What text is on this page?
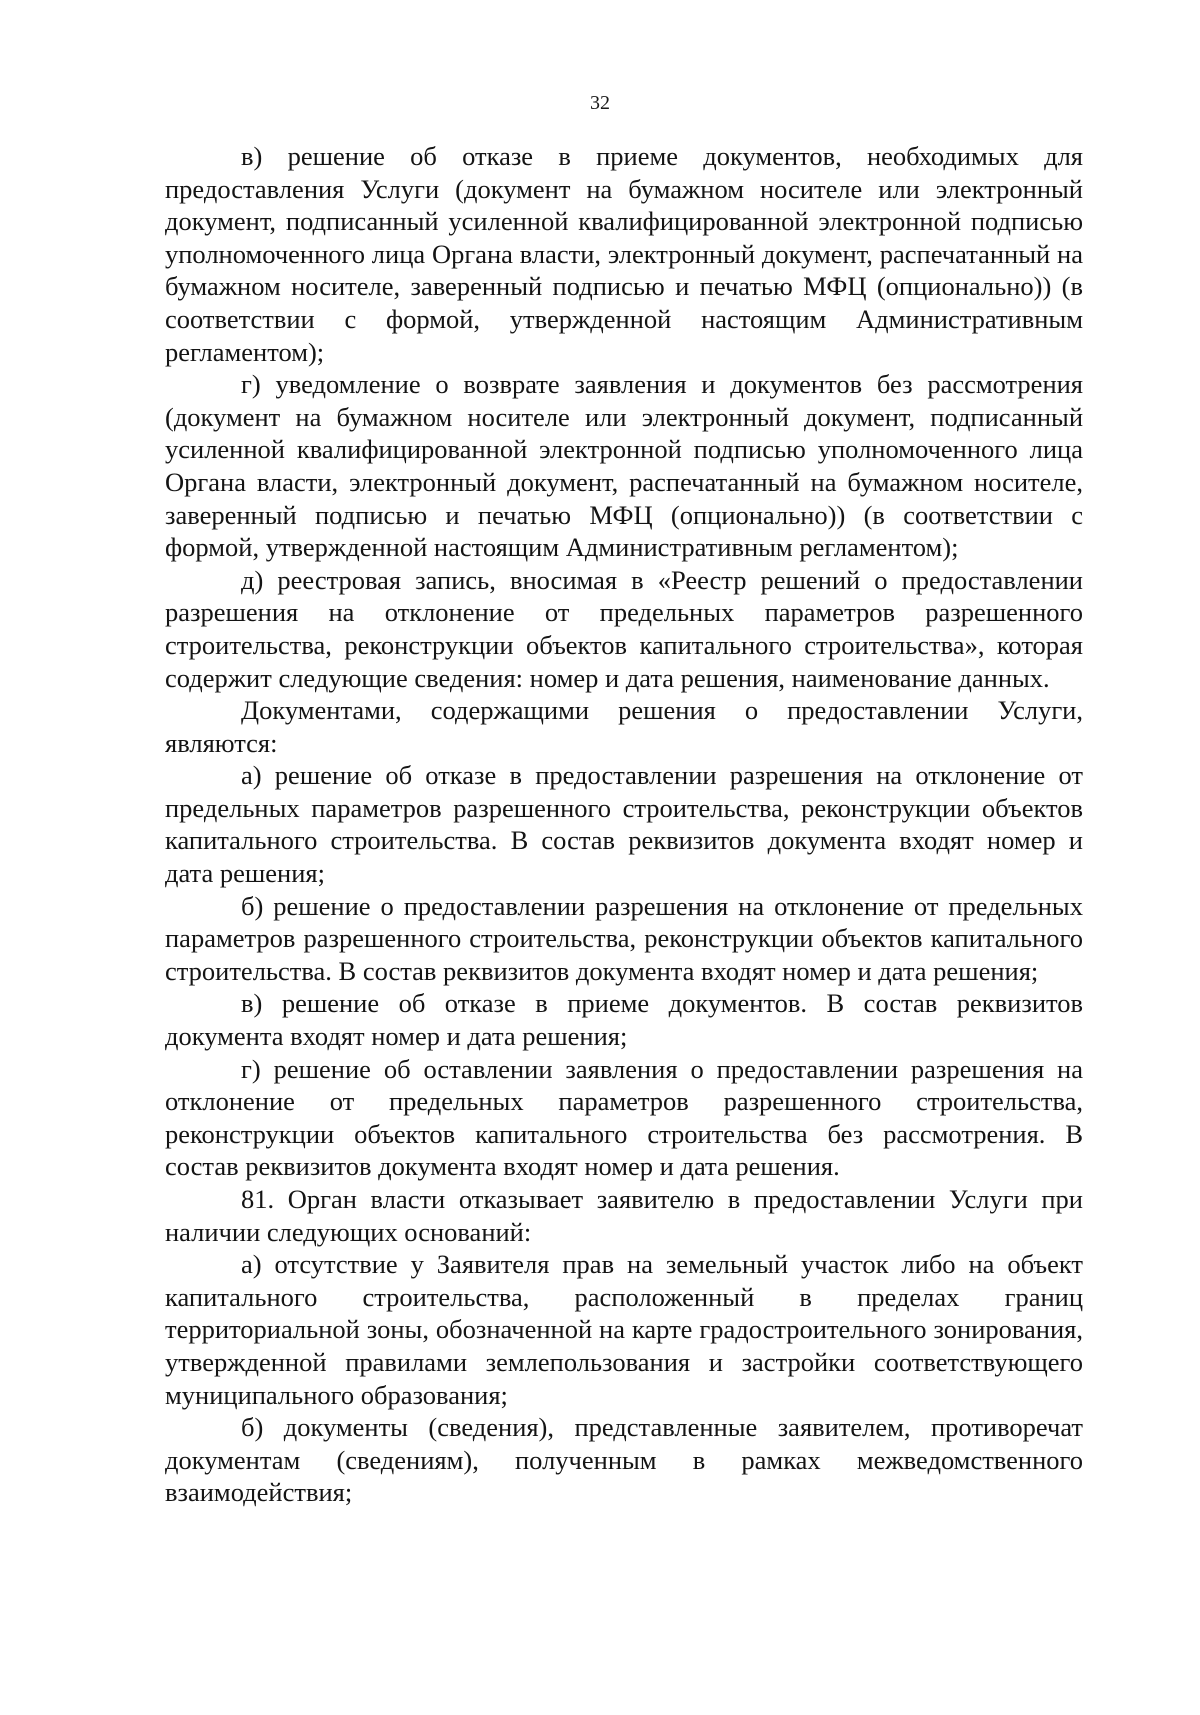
32

в) решение об отказе в приеме документов, необходимых для предоставления Услуги (документ на бумажном носителе или электронный документ, подписанный усиленной квалифицированной электронной подписью уполномоченного лица Органа власти, электронный документ, распечатанный на бумажном носителе, заверенный подписью и печатью МФЦ (опционально)) (в соответствии с формой, утвержденной настоящим Административным регламентом);

г) уведомление о возврате заявления и документов без рассмотрения (документ на бумажном носителе или электронный документ, подписанный усиленной квалифицированной электронной подписью уполномоченного лица Органа власти, электронный документ, распечатанный на бумажном носителе, заверенный подписью и печатью МФЦ (опционально)) (в соответствии с формой, утвержденной настоящим Административным регламентом);

д) реестровая запись, вносимая в «Реестр решений о предоставлении разрешения на отклонение от предельных параметров разрешенного строительства, реконструкции объектов капитального строительства», которая содержит следующие сведения: номер и дата решения, наименование данных.

Документами, содержащими решения о предоставлении Услуги, являются:

а) решение об отказе в предоставлении разрешения на отклонение от предельных параметров разрешенного строительства, реконструкции объектов капитального строительства. В состав реквизитов документа входят номер и дата решения;

б) решение о предоставлении разрешения на отклонение от предельных параметров разрешенного строительства, реконструкции объектов капитального строительства. В состав реквизитов документа входят номер и дата решения;

в) решение об отказе в приеме документов. В состав реквизитов документа входят номер и дата решения;

г) решение об оставлении заявления о предоставлении разрешения на отклонение от предельных параметров разрешенного строительства, реконструкции объектов капитального строительства без рассмотрения. В состав реквизитов документа входят номер и дата решения.

81. Орган власти отказывает заявителю в предоставлении Услуги при наличии следующих оснований:

а) отсутствие у Заявителя прав на земельный участок либо на объект капитального строительства, расположенный в пределах границ территориальной зоны, обозначенной на карте градостроительного зонирования, утвержденной правилами землепользования и застройки соответствующего муниципального образования;

б) документы (сведения), представленные заявителем, противоречат документам (сведениям), полученным в рамках межведомственного взаимодействия;
